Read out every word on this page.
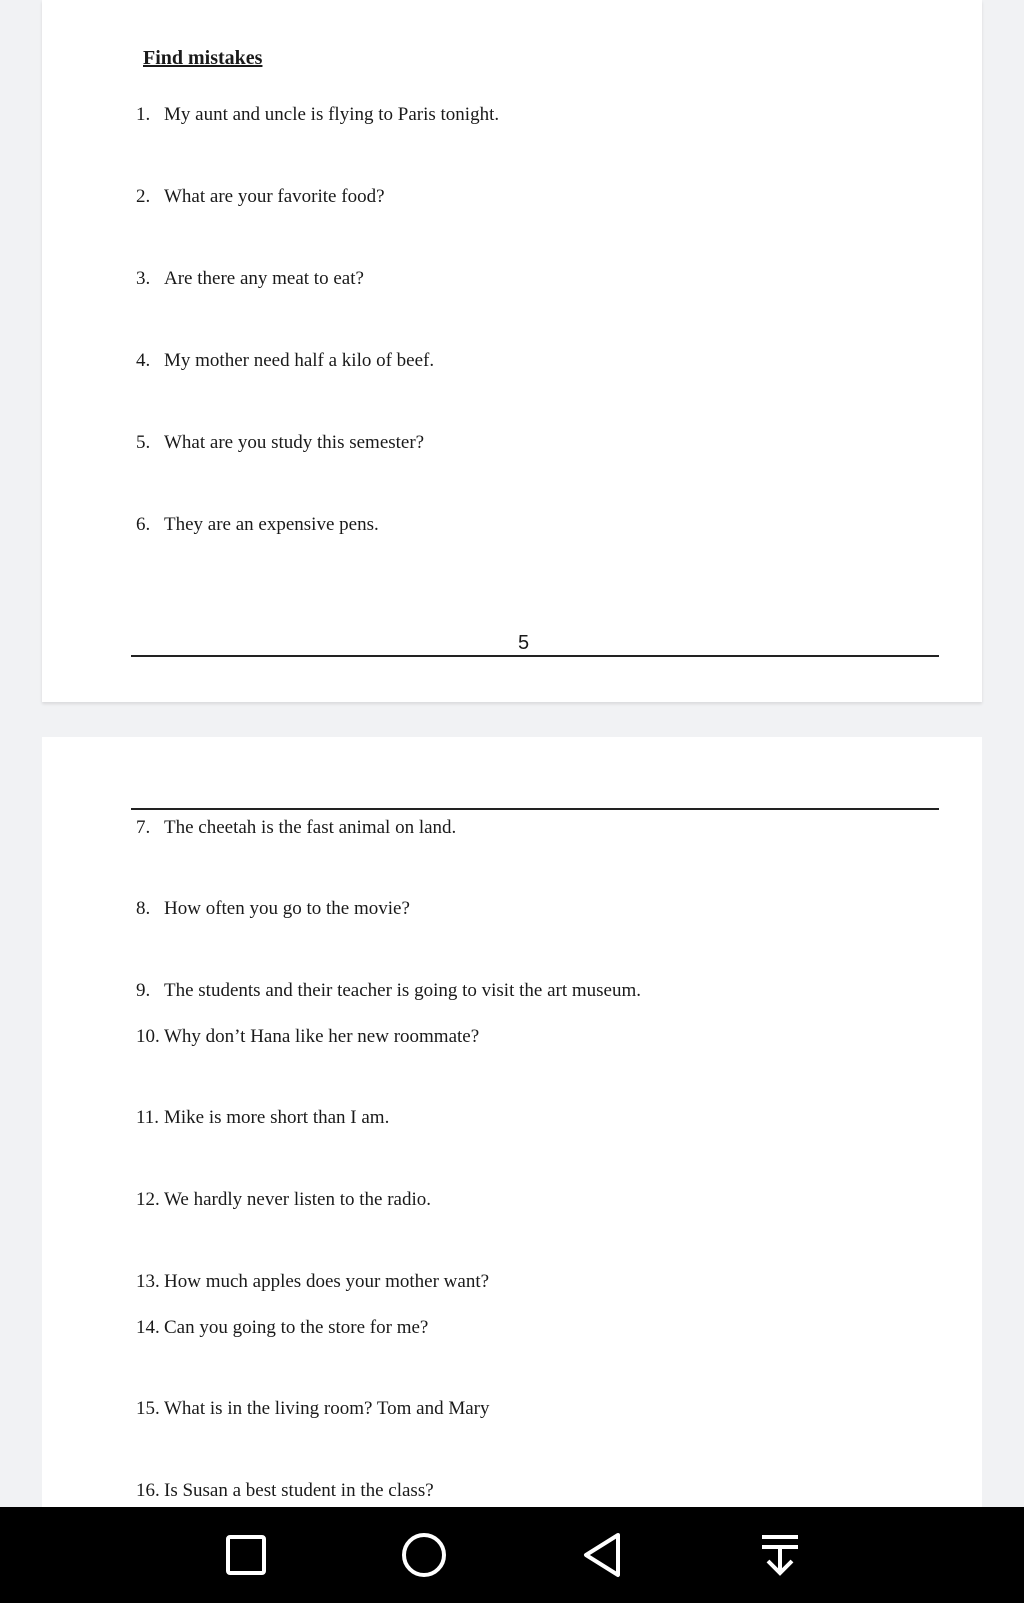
Find mistakes
1. My aunt and uncle is flying to Paris tonight.
2. What are your favorite food?
3. Are there any meat to eat?
4. My mother need half a kilo of beef.
5. What are you study this semester?
6. They are an expensive pens.
5
7. The cheetah is the fast animal on land.
8. How often you go to the movie?
9. The students and their teacher is going to visit the art museum.
10. Why don’t Hana like her new roommate?
11. Mike is more short than I am.
12. We hardly never listen to the radio.
13. How much apples does your mother want?
14. Can you going to the store for me?
15. What is in the living room? Tom and Mary
16. Is Susan a best student in the class?
